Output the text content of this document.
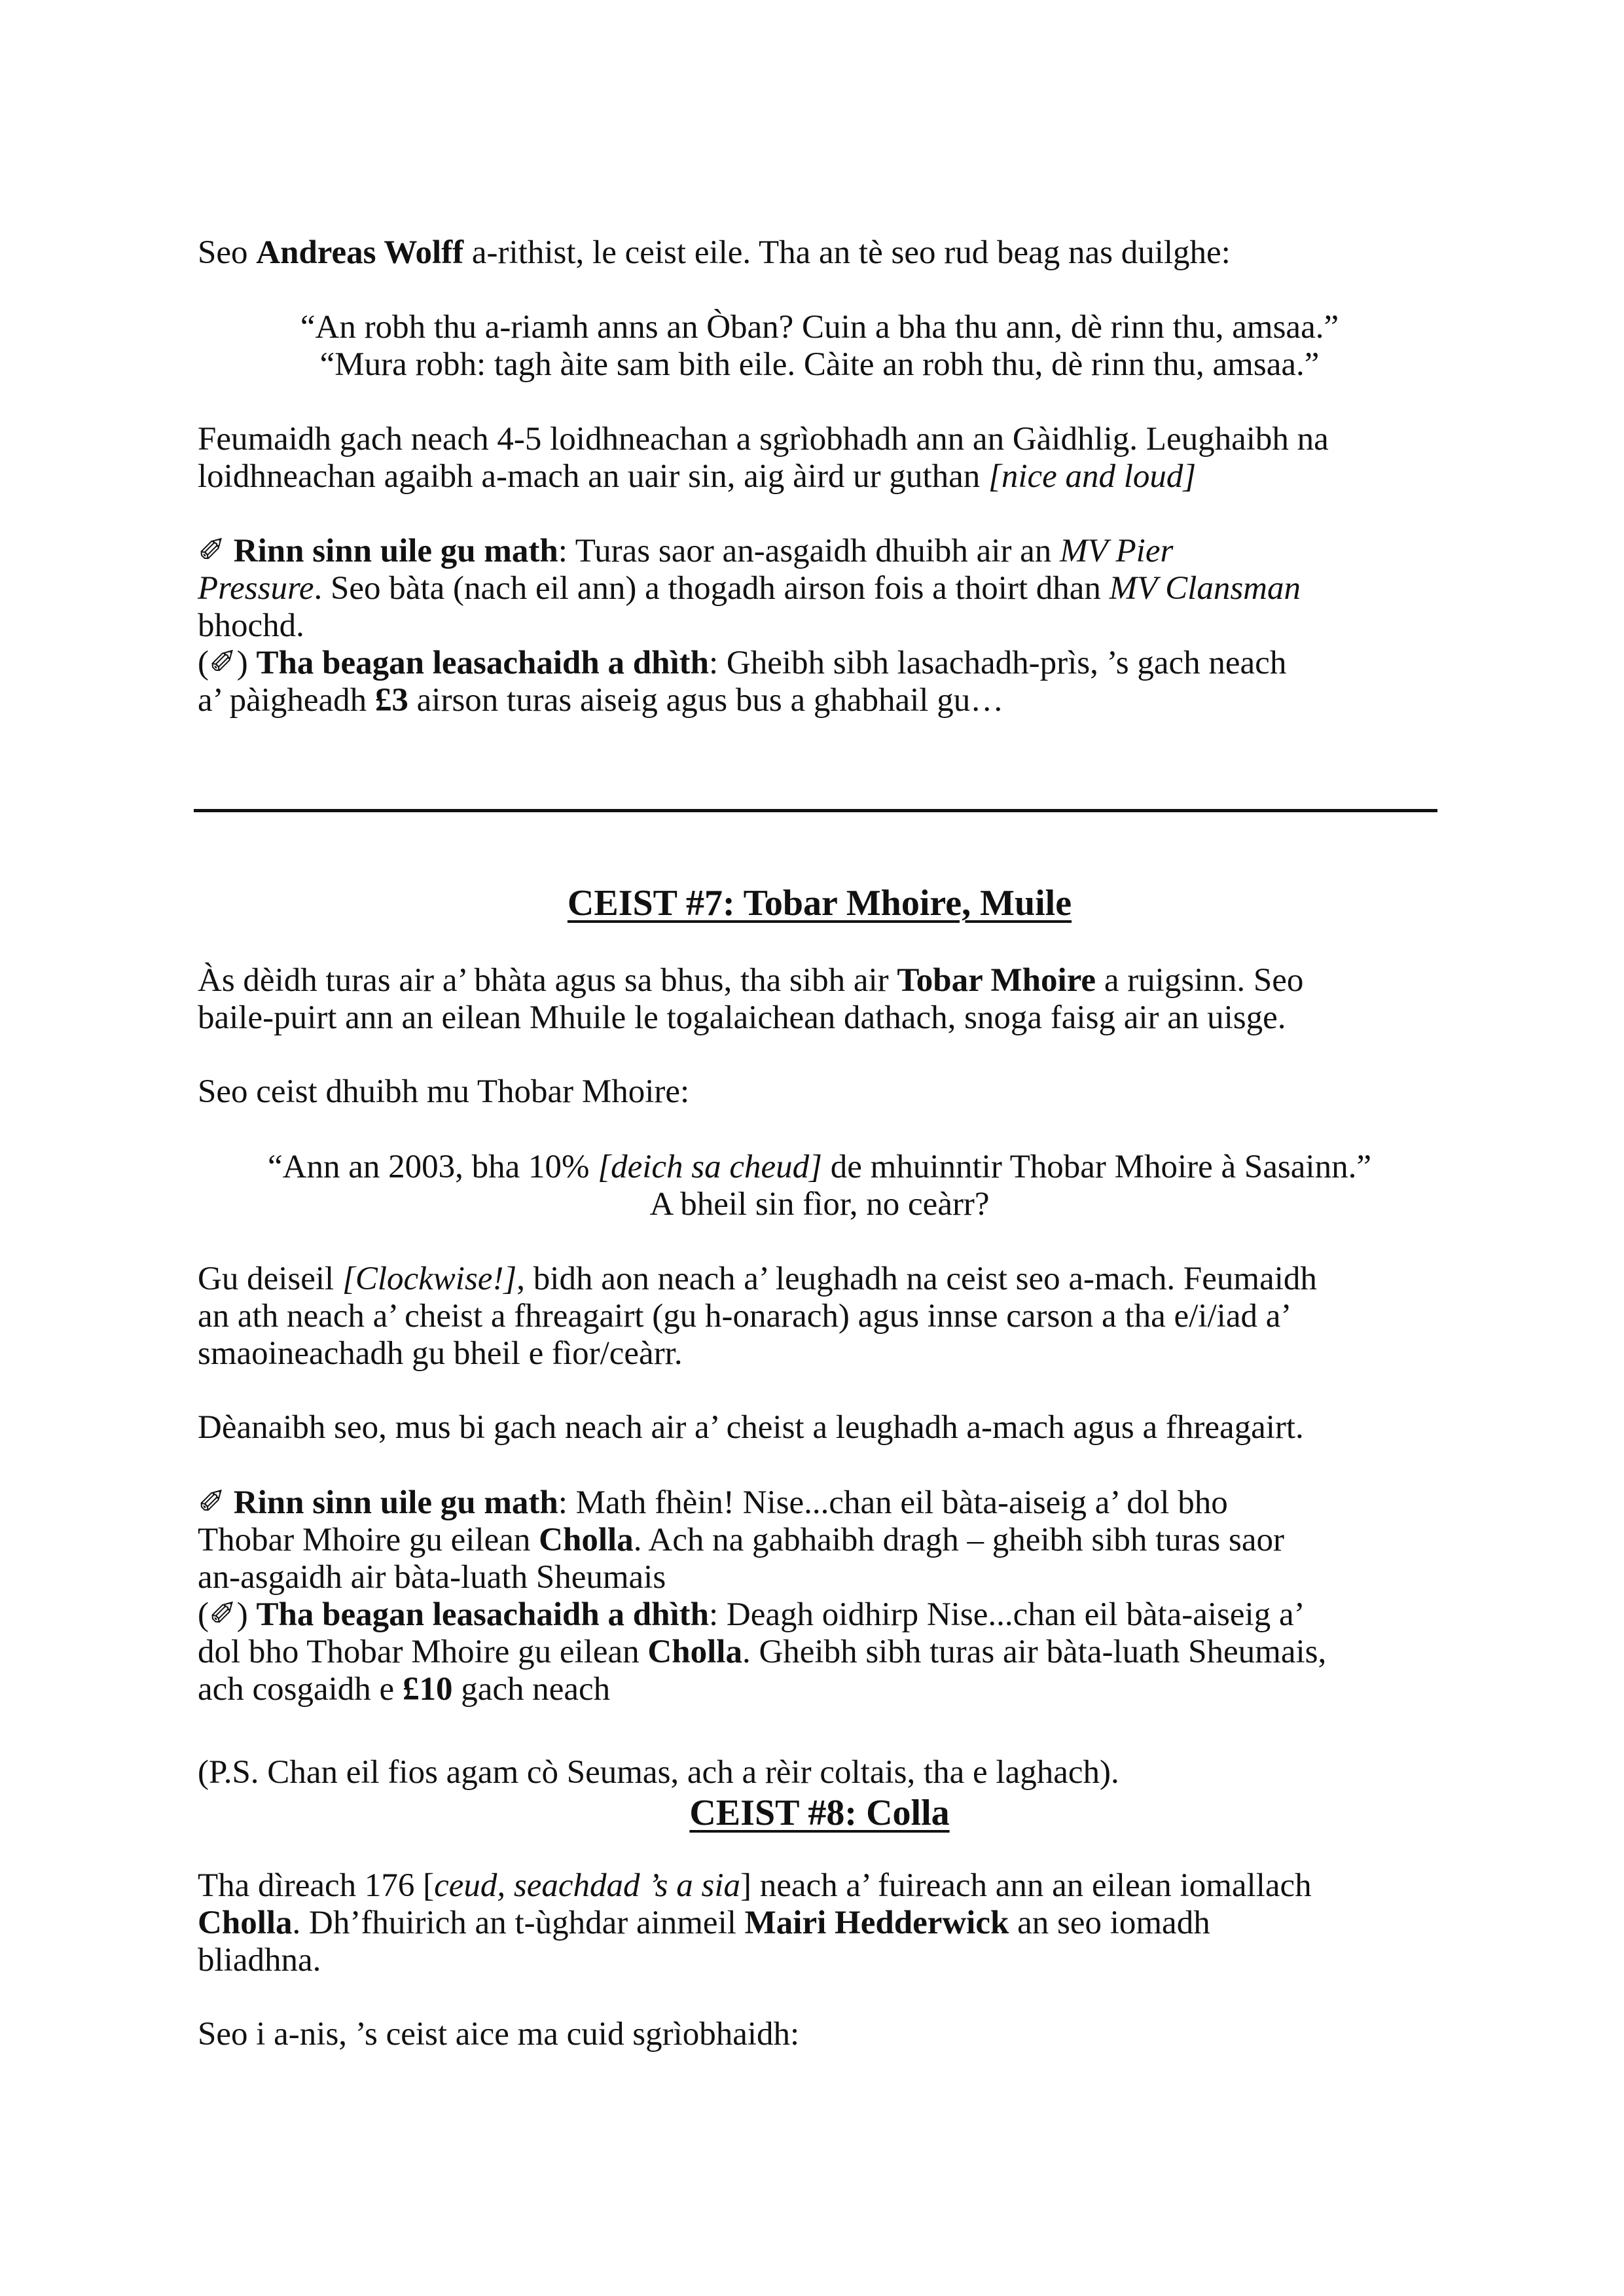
Seo Andreas Wolff a-rithist, le ceist eile. Tha an tè seo rud beag nas duilghe:

“An robh thu a-riamh anns an Òban? Cuin a bha thu ann, dè rinn thu, amsaa.”
“Mura robh: tagh àite sam bith eile. Càite an robh thu, dè rinn thu, amsaa.”
Feumaidh gach neach 4-5 loidhneachan a sgrìobhadh ann an Gàidhlig. Leughaibh na
loidhneachan agaibh a-mach an uair sin, aig àird ur guthan [nice and loud]
✐ Rinn sinn uile gu math: Turas saor an-asgaidh dhuibh air an MV Pier
Pressure. Seo bàta (nach eil ann) a thogadh airson fois a thoirt dhan MV Clansman
bhochd.
(✐) Tha beagan leasachaidh a dhìth: Gheibh sibh lasachadh-prìs, ’s gach neach
a’ pàigheadh £3 airson turas aiseig agus bus a ghabhail gu…
CEIST #7: Tobar Mhoire, Muile
Às dèidh turas air a’ bhàta agus sa bhus, tha sibh air Tobar Mhoire a ruigsinn. Seo
baile-puirt ann an eilean Mhuile le togalaichean dathach, snoga faisg air an uisge.

Seo ceist dhuibh mu Thobar Mhoire:

“Ann an 2003, bha 10% [deich sa cheud] de mhuinntir Thobar Mhoire à Sasainn.”
A bheil sin fìor, no ceàrr?
Gu deiseil [Clockwise!], bidh aon neach a’ leughadh na ceist seo a-mach. Feumaidh
an ath neach a’ cheist a fhreagairt (gu h-onarach) agus innse carson a tha e/i/iad a’
smaoineachadh gu bheil e fìor/ceàrr.

Dèanaibh seo, mus bi gach neach air a’ cheist a leughadh a-mach agus a fhreagairt.

✐ Rinn sinn uile gu math: Math fhèin! Nise...chan eil bàta-aiseig a’ dol bho
Thobar Mhoire gu eilean Cholla. Ach na gabhaibh dragh – gheibh sibh turas saor
an-asgaidh air bàta-luath Sheumais
(✐) Tha beagan leasachaidh a dhìth: Deagh oidhirp Nise...chan eil bàta-aiseig a’
dol bho Thobar Mhoire gu eilean Cholla. Gheibh sibh turas air bàta-luath Sheumais,
ach cosgaidh e £10 gach neach

(P.S. Chan eil fios agam cò Seumas, ach a rèir coltais, tha e laghach).

CEIST #8: Colla
Tha dìreach 176 [ceud, seachdad ’s a sia] neach a’ fuireach ann an eilean iomallach
Cholla. Dh’fhuirich an t-ùghdar ainmeil Mairi Hedderwick an seo iomadh
bliadhna.

Seo i a-nis, ’s ceist aice ma cuid sgrìobhaidh:
